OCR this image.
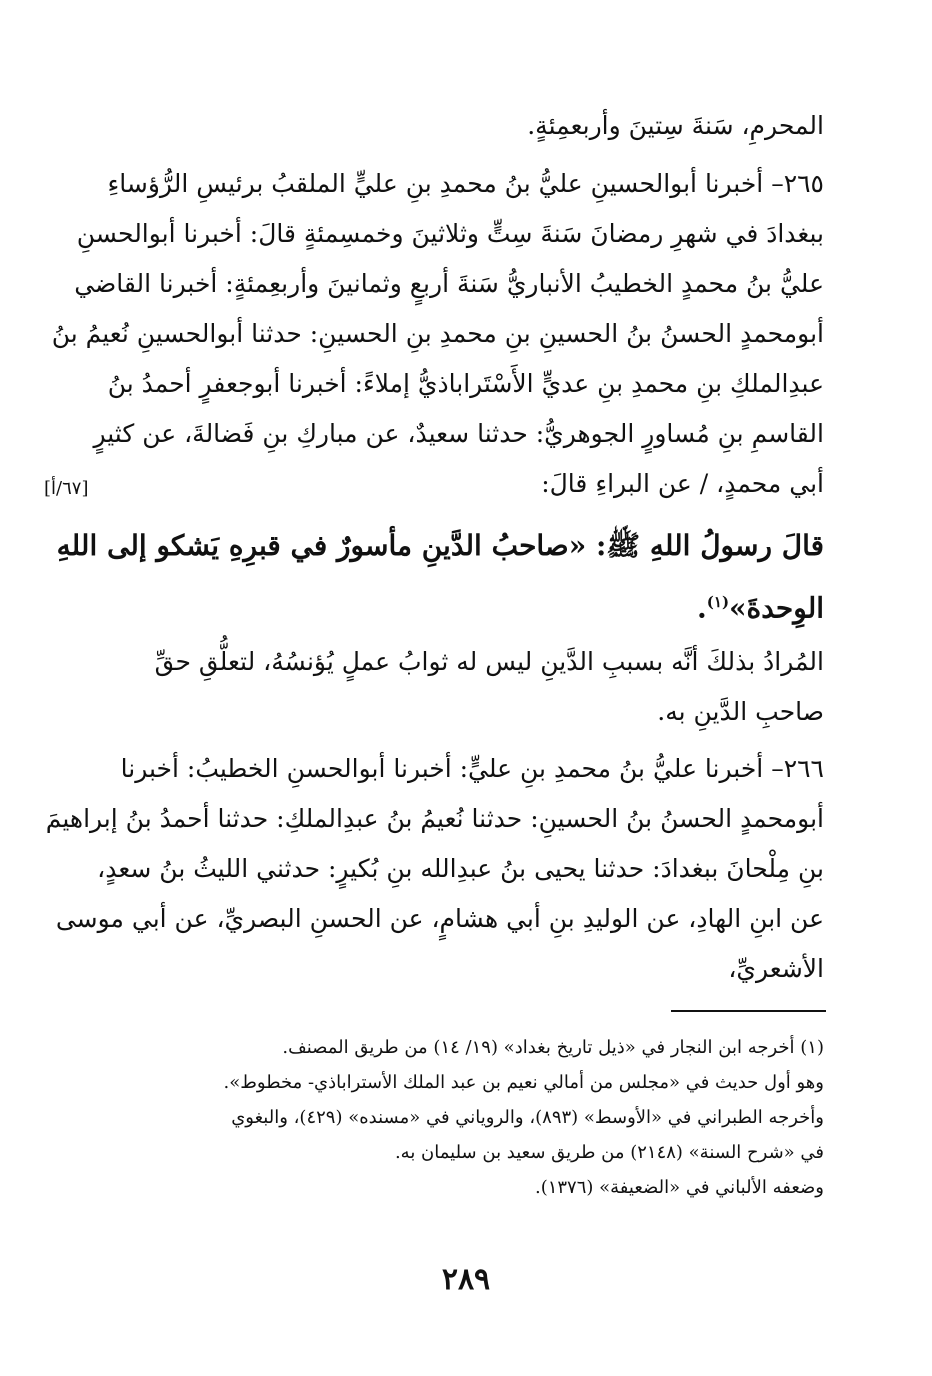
المحرمِ، سَنةَ سِتينَ وأربعمِئةٍ.
٢٦٥– أخبرنا أبوالحسينِ عليُّ بنُ محمدِ بنِ عليٍّ الملقبُ برئيسِ الرُّؤساءِ
ببغدادَ في شهرِ رمضانَ سَنةَ سِتٍّ وثلاثينَ وخمسِمئةٍ قالَ: أخبرنا أبوالحسنِ
عليُّ بنُ محمدٍ الخطيبُ الأنباريُّ سَنةَ أربعٍ وثمانينَ وأربعِمئةٍ: أخبرنا القاضي
أبومحمدٍ الحسنُ بنُ الحسينِ بنِ محمدِ بنِ الحسينِ: حدثنا أبوالحسينِ نُعيمُ بنُ
عبدِالملكِ بنِ محمدِ بنِ عديٍّ الأَسْتَراباذيُّ إملاءً: أخبرنا أبوجعفرٍ أحمدُ بنُ
القاسمِ بنِ مُساورٍ الجوهريُّ: حدثنا سعيدٌ، عن مباركِ بنِ فَضالةَ، عن كثيرٍ
أبي محمدٍ، / عن البراءِ قالَ:
[٦٧/أ]
قالَ رسولُ اللهِ ﷺ: «صاحبُ الدَّينِ مأسورٌ في قبرِهِ يَشكو إلى اللهِ
الوِحدةَ»$^{(١)}$.
المُرادُ بذلكَ أنَّه بسببِ الدَّينِ ليس له ثوابُ عملٍ يُؤنسُهُ، لتعلُّقِ حقِّ
صاحبِ الدَّينِ به.
٢٦٦– أخبرنا عليُّ بنُ محمدِ بنِ عليٍّ: أخبرنا أبوالحسنِ الخطيبُ: أخبرنا
أبومحمدٍ الحسنُ بنُ الحسينِ: حدثنا نُعيمُ بنُ عبدِالملكِ: حدثنا أحمدُ بنُ إبراهيمَ
بنِ مِلْحانَ ببغدادَ: حدثنا يحيى بنُ عبدِالله بنِ بُكيرٍ: حدثني الليثُ بنُ سعدٍ،
عن ابنِ الهادِ، عن الوليدِ بنِ أبي هشامٍ، عن الحسنِ البصريِّ، عن أبي موسى
الأشعريِّ،
(١) أخرجه ابن النجار في «ذيل تاريخ بغداد» (١٩/ ١٤) من طريق المصنف.
وهو أول حديث في «مجلس من أمالي نعيم بن عبد الملك الأستراباذي- مخطوط».
وأخرجه الطبراني في «الأوسط» (٨٩٣)، والروياني في «مسنده» (٤٢٩)، والبغوي
في «شرح السنة» (٢١٤٨) من طريق سعيد بن سليمان به.
وضعفه الألباني في «الضعيفة» (١٣٧٦).
٢٨٩
